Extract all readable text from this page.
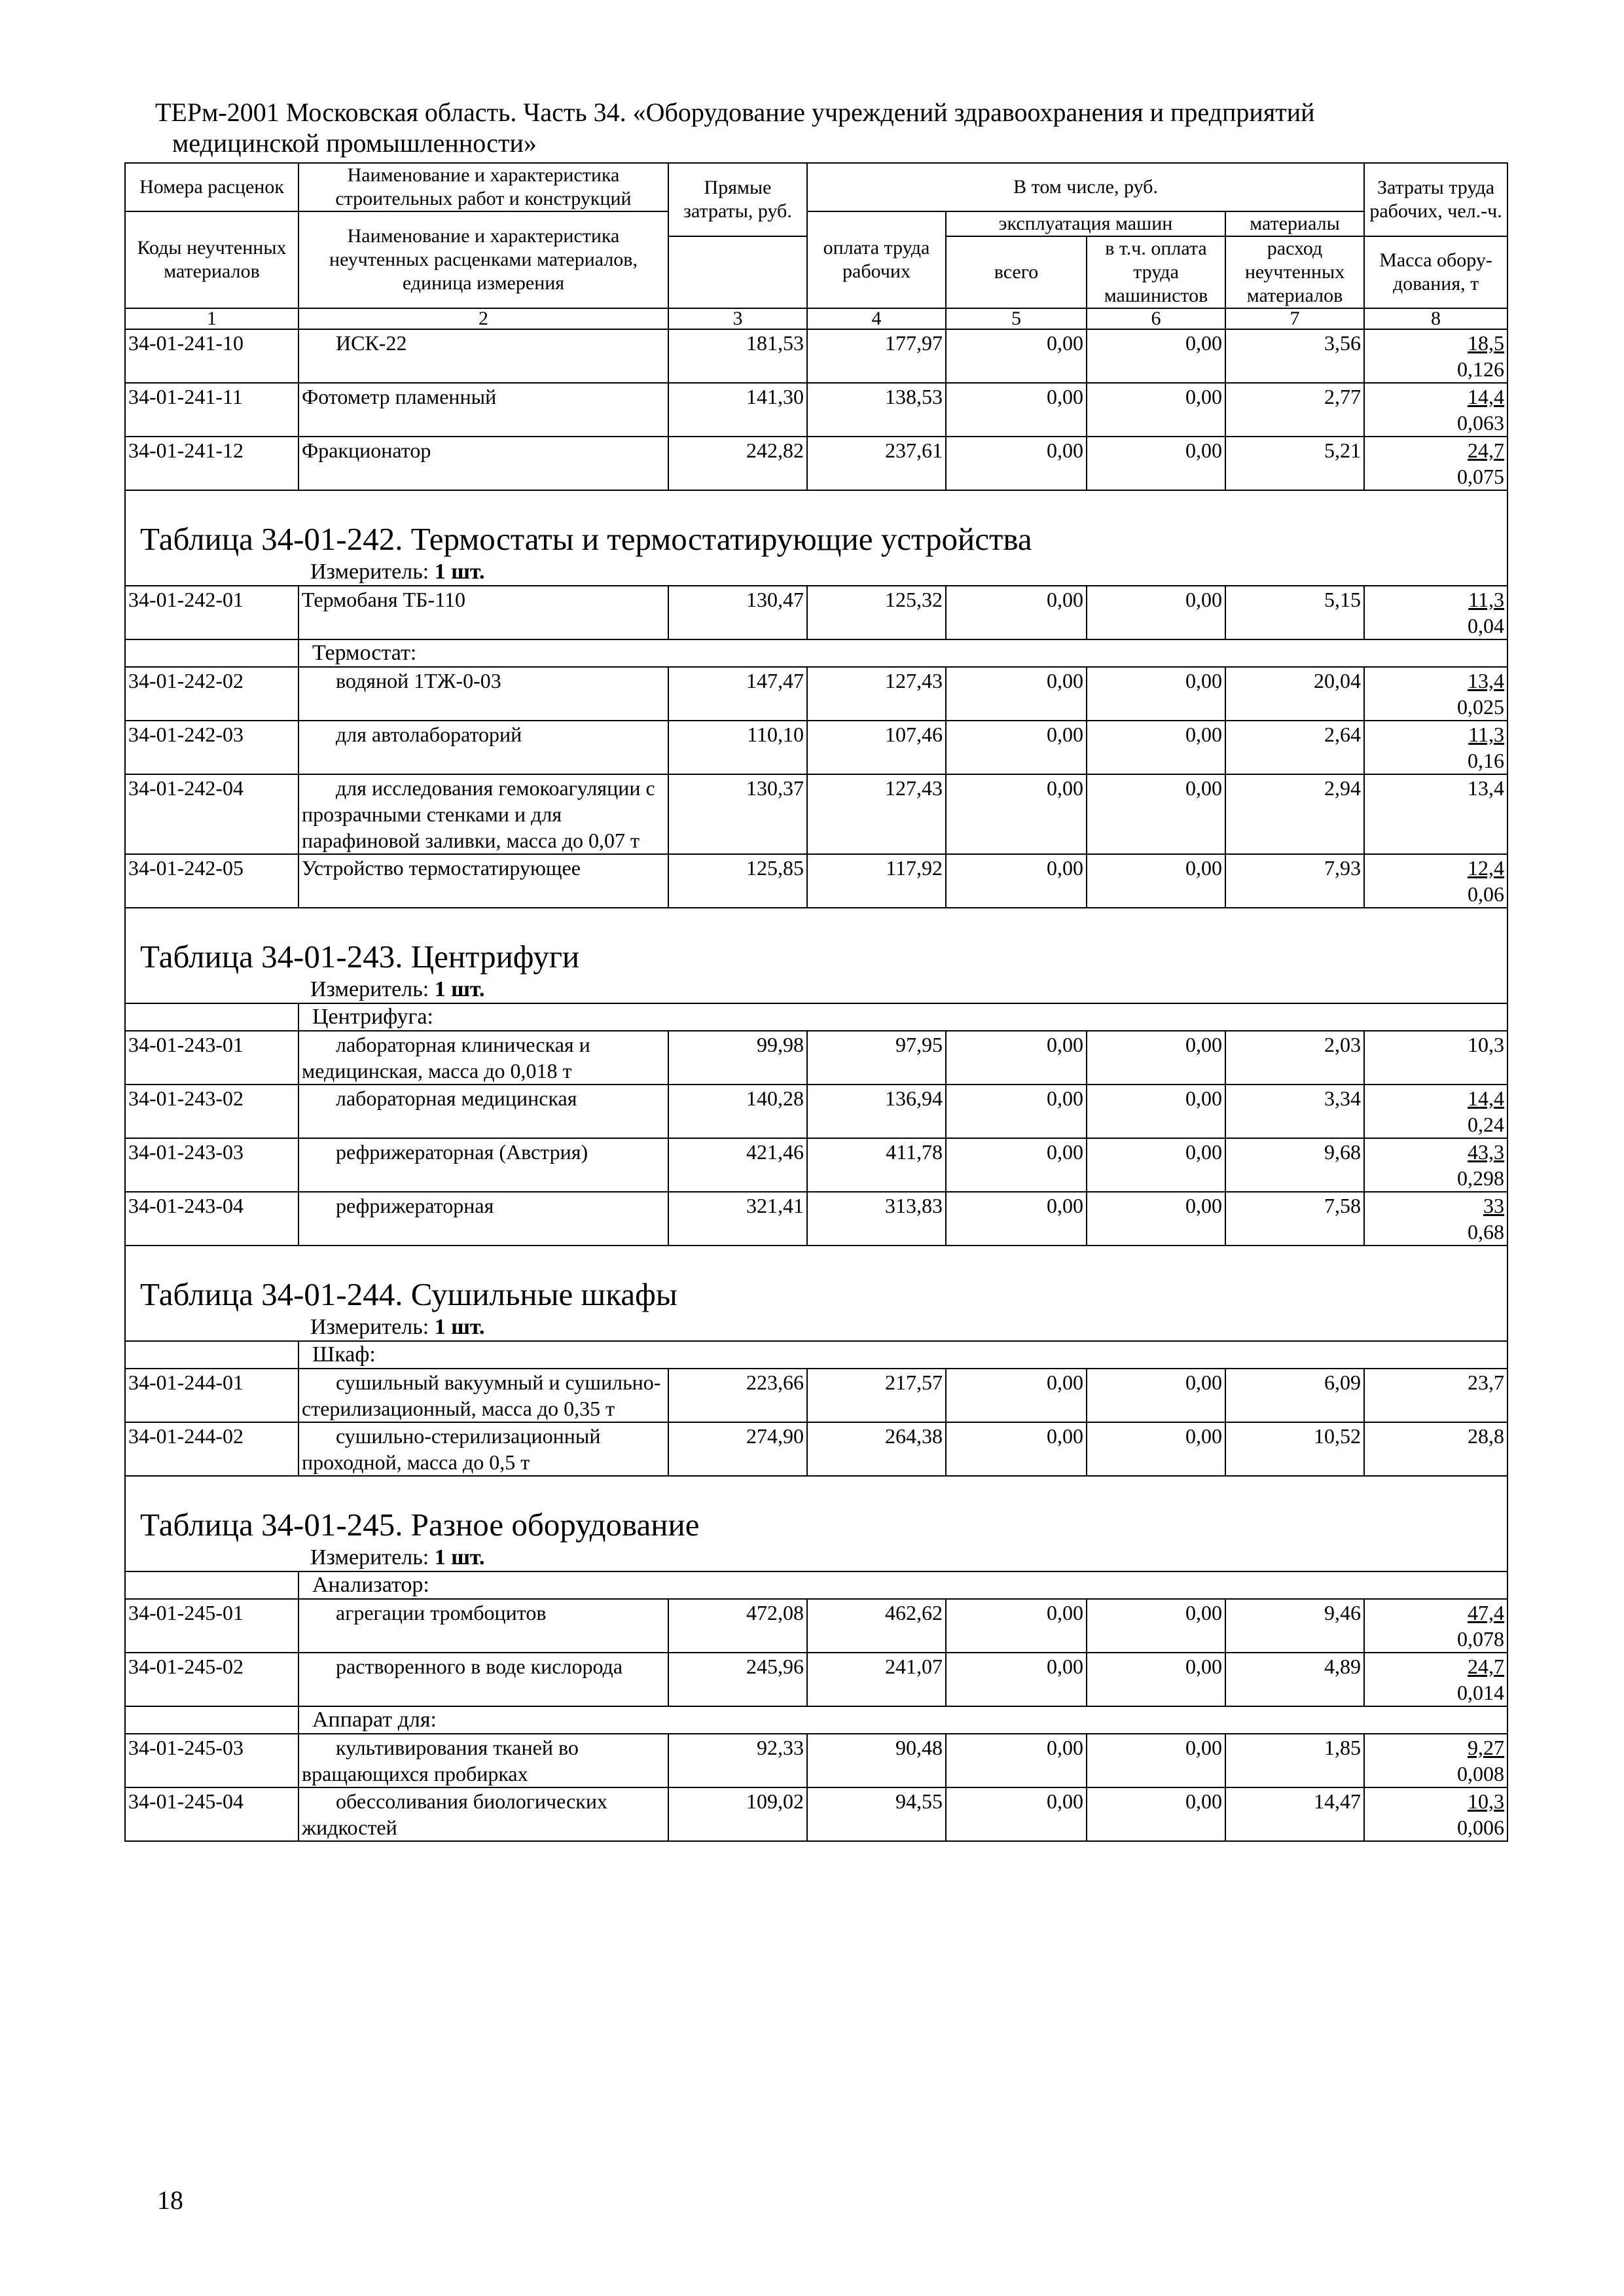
ТЕРм-2001 Московская область. Часть 34. «Оборудование учреждений здравоохранения и предприятий
медицинской промышленности»
Номера расценок	Наименование и характеристика строительных работ и конструкций	Прямые затраты, руб.	В том числе, руб.				Затраты труда рабочих, чел.-ч.
Коды неучтенных материалов	Наименование и характеристика неучтенных расценками материалов, единица измерения		оплата труда рабочих	эксплуатация машин		материалы	
				всего	в т.ч. оплата труда машинистов	расход неучтенных материалов	Масса обору-дования, т

1	2	3	4	5	6	7	8
34-01-241-10	ИСК-22	181,53	177,97	0,00	0,00	3,56	18,5
0,126

34-01-241-11	Фотометр пламенный	141,30	138,53	0,00	0,00	2,77	14,4
0,063

34-01-241-12	Фракционатор	242,82	237,61	0,00	0,00	5,21	24,7
0,075

Таблица 34-01-242. Термостаты и термостатирующие устройства							
Измеритель: 1 шт.							
34-01-242-01	Термобаня ТБ-110	130,47	125,32	0,00	0,00	5,15	11,3
0,04

	Термостат:						
34-01-242-02	водяной 1ТЖ-0-03	147,47	127,43	0,00	0,00	20,04	13,4
0,025

34-01-242-03	для автолабораторий	110,10	107,46	0,00	0,00	2,64	11,3
0,16

34-01-242-04	для исследования гемокоагуляции с прозрачными стенками и для парафиновой заливки, масса до 0,07 т	130,37	127,43	0,00	0,00	2,94	13,4
34-01-242-05	Устройство термостатирующее	125,85	117,92	0,00	0,00	7,93	12,4
0,06

Таблица 34-01-243. Центрифуги							
Измеритель: 1 шт.							
	Центрифуга:						
34-01-243-01	лабораторная клиническая и медицинская, масса до 0,018 т	99,98	97,95	0,00	0,00	2,03	10,3
34-01-243-02	лабораторная медицинская	140,28	136,94	0,00	0,00	3,34	14,4
0,24

34-01-243-03	рефрижераторная (Австрия)	421,46	411,78	0,00	0,00	9,68	43,3
0,298

34-01-243-04	рефрижераторная	321,41	313,83	0,00	0,00	7,58	33
0,68

Таблица 34-01-244. Сушильные шкафы							
Измеритель: 1 шт.							
	Шкаф:						
34-01-244-01	сушильный вакуумный и сушильно-стерилизационный, масса до 0,35 т	223,66	217,57	0,00	0,00	6,09	23,7
34-01-244-02	сушильно-стерилизационный проходной, масса до 0,5 т	274,90	264,38	0,00	0,00	10,52	28,8
Таблица 34-01-245. Разное оборудование							
Измеритель: 1 шт.							
	Анализатор:						
34-01-245-01	агрегации тромбоцитов	472,08	462,62	0,00	0,00	9,46	47,4
0,078

34-01-245-02	растворенного в воде кислорода	245,96	241,07	0,00	0,00	4,89	24,7
0,014

	Аппарат для:						
34-01-245-03	культивирования тканей во вращающихся пробирках	92,33	90,48	0,00	0,00	1,85	9,27
0,008

34-01-245-04	обессоливания биологических жидкостей	109,02	94,55	0,00	0,00	14,47	10,3
0,006
18
